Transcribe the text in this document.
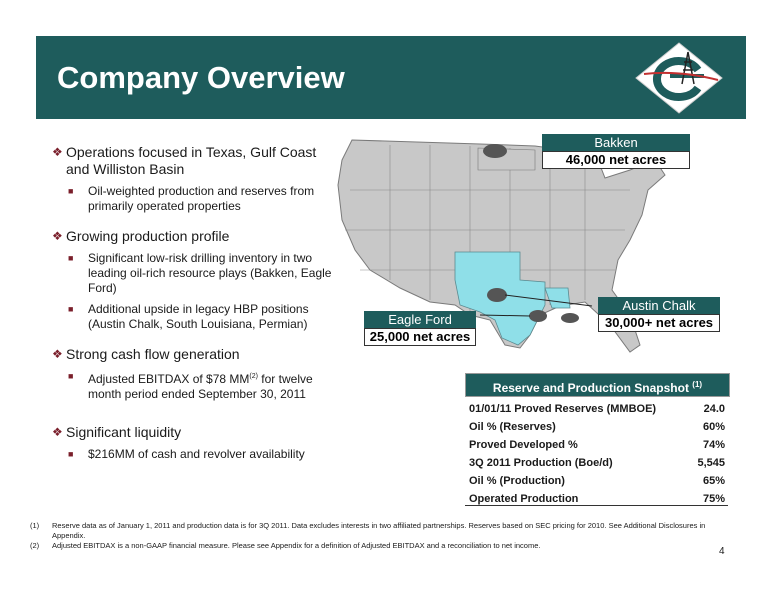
Company Overview
❖ Operations focused in Texas, Gulf Coast and Williston Basin
■	Oil-weighted production and reserves from primarily operated properties
❖ Growing production profile
■	Significant low-risk drilling inventory in two leading oil-rich resource plays (Bakken, Eagle Ford)
■	Additional upside in legacy HBP positions (Austin Chalk, South Louisiana, Permian)
❖ Strong cash flow generation
■	Adjusted EBITDAX of $78 MM$^{(2)}$ for twelve month period ended September 30, 2011
❖ Significant liquidity
■	$216MM of cash and revolver availability
Bakken
46,000 net acres
Eagle Ford
25,000 net acres
Austin Chalk
30,000+ net acres
Reserve and Production Snapshot $^{(1)}$
01/01/11 Proved Reserves (MMBOE)	24.0
Oil % (Reserves)	60%
Proved Developed %	74%
3Q 2011 Production (Boe/d)	5,545
Oil % (Production)	65%
Operated Production	75%
(1)	Reserve data as of January 1, 2011 and production data is for 3Q 2011. Data excludes interests in two affiliated partnerships. Reserves based on SEC pricing for 2010. See Additional Disclosures in Appendix.
(2)	Adjusted EBITDAX is a non-GAAP financial measure. Please see Appendix for a definition of Adjusted EBITDAX and a reconciliation to net income.
4
